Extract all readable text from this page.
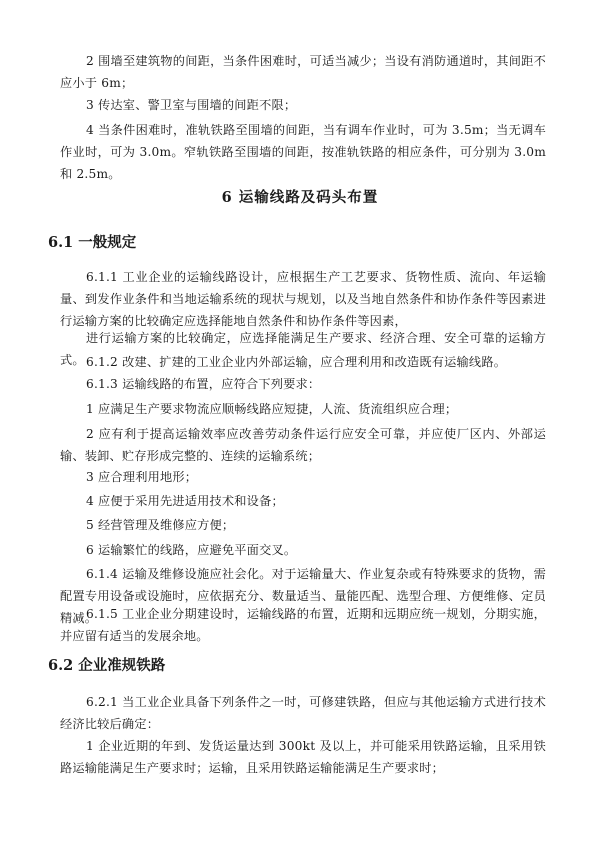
2 围墙至建筑物的间距，当条件困难时，可适当减少；当设有消防通道时，其间距不应小于 6m；

3 传达室、警卫室与围墙的间距不限；

4 当条件困难时，准轨铁路至围墙的间距，当有调车作业时，可为 3.5m；当无调车作业时，可为 3.0m。窄轨铁路至围墙的间距，按准轨铁路的相应条件，可分别为 3.0m 和 2.5m。

6 运输线路及码头布置
6.1 一般规定

6.1.1 工业企业的运输线路设计，应根据生产工艺要求、货物性质、流向、年运输量、到发作业条件和当地运输系统的现状与规划，以及当地自然条件和协作条件等因素进行运输方案的比较确定应选择能地自然条件和协作条件等因素，

进行运输方案的比较确定，应选择能满足生产要求、经济合理、安全可靠的运输方式。 6.1.2 改建、扩建的工业企业内外部运输，应合理利用和改造既有运输线路。

6.1.3 运输线路的布置，应符合下列要求：

1 应满足生产要求物流应顺畅线路应短捷，人流、货流组织应合理；

2 应有利于提高运输效率应改善劳动条件运行应安全可靠，并应使厂区内、外部运输、装卸、贮存形成完整的、连续的运输系统；

3 应合理利用地形；

4 应便于采用先进适用技术和设备；

5 经营管理及维修应方便；

6 运输繁忙的线路，应避免平面交叉。

6.1.4 运输及维修设施应社会化。对于运输量大、作业复杂或有特殊要求的货物，需配置专用设备或设施时，应依据充分、数量适当、量能匹配、选型合理、方便维修、定员精减。

6.1.5 工业企业分期建设时，运输线路的布置，近期和远期应统一规划，分期实施，并应留有适当的发展余地。

6.2 企业准规铁路

6.2.1 当工业企业具备下列条件之一时，可修建铁路，但应与其他运输方式进行技术经济比较后确定：

1 企业近期的年到、发货运量达到 300kt 及以上，并可能采用铁路运输，且采用铁路运输能满足生产要求时；运输，且采用铁路运输能满足生产要求时；
